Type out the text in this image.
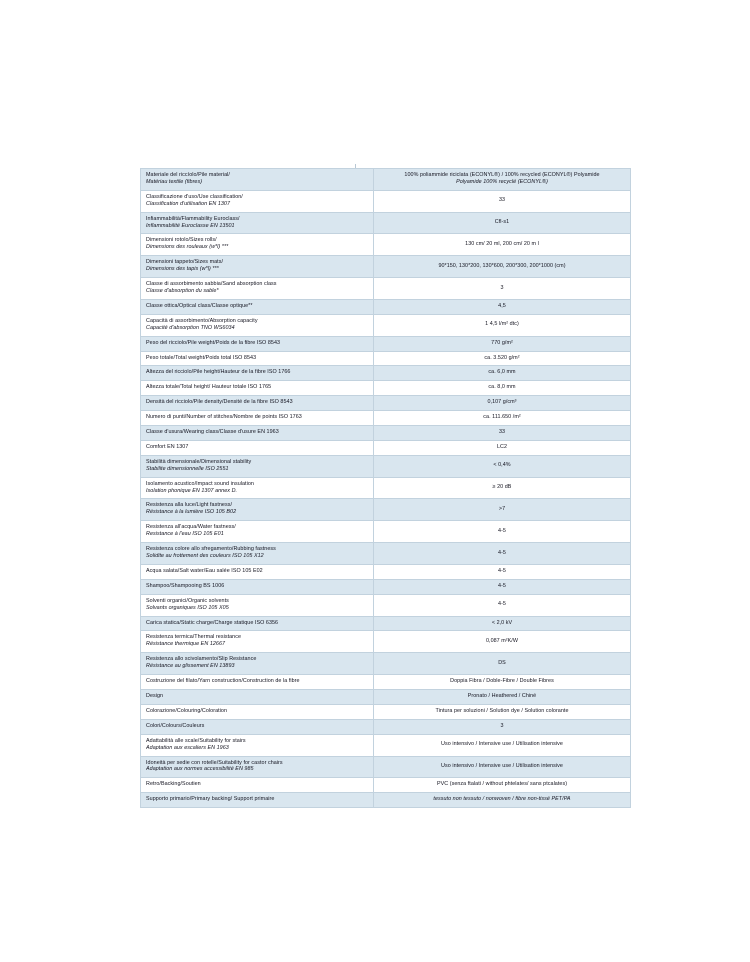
Materiale del riccíolo/Pile material/
Matériau textile (fibres)	100% poliammide riciclata (ECONYL®) / 100% recycled (ECONYL®) Polyamide
Polyamide 100% recyclé (ECONYL®)

Classificazione d'uso/Use classification/
Classification d'utilisation EN 1307	33

Infiammabilità/Flammability Euroclass/
Inflammabilité Euroclasse EN 13501	Cfl-s1

Dimensioni rotolo/Sizes rolls/
Dimensions des rouleaux (w*l) ***	130 cm/ 20 ml, 200 cm/ 20 m l

Dimensioni tappeto/Sizes mats/
Dimensions des tapis (w*l) ***	90*150, 130*200, 130*600, 200*300, 200*1000 (cm)

Classe di assorbimento sabbia/Sand absorption class
Classe d'absorption du sable*	3

Classe ottica/Optical class/Classe optique**	4,5

Capacità di assorbimento/Absorption capacity
Capacité d'absorption TNO WS6034	1 4,5 l/m² dtc)

Peso del ricciolo/Pile weight/Poids de la fibre ISO 8543	770 g/m²

Peso totale/Total weight/Poids total ISO 8543	ca. 3.520 g/m²

Altezza del ricciolo/Pile height/Hauteur de la fibre ISO 1766	ca. 6,0 mm

Altezza totale/Total height/ Hauteur totale ISO 1765	ca. 8,0 mm

Densità del ricciolo/Pile density/Densité de la fibre ISO 8543	0,107 g/cm³

Numero di punti/Number of stitches/Nombre de points ISO 1763	ca. 111.650 /m²

Classe d'usura/Wearing class/Classe d'usure EN 1963	33

Comfort EN 1307	LC2

Stabilità dimensionale/Dimensional stability
Stabilite dimensionnelle ISO 2551	< 0,4%

Isolamento acustico/Impact sound insulation
Isolation phonique EN 1307 annex D.	≥ 20 dB

Resistenza alla luce/Light fastness/
Résistance à la lumière ISO 105 B02	>7

Resistenza all'acqua/Water fastness/
Resistance à l'eau ISO 105 E01	4-5

Resistenza colore allo sfregamento/Rubbing fastness
Solidite au frottement des couleurs ISO 105 X12	4-5

Acqua salata/Salt water/Eau salée ISO 105 E02	4-5

Shampoo/Shampooing BS 1006	4-5

Solventi organici/Organic solvents
Solvants organiques ISO 105 X05	4-5

Carica statica/Static charge/Charge statique ISO 6356	< 2,0 kV

Resistenza termica/Thermal resistance
Résistance thermique EN 12667	0,087 m²K/W

Resistenza allo scivolamento/Slip Resistance
Résistance au glissement EN 13893	DS

Costruzione del filato/Yarn construction/Construction de la fibre	Doppia Fibra / Doble-Fibre / Double Fibres

Design	Pronato / Heathered / Chiné

Colorazione/Colouring/Coloration	Tintura per soluzioni / Solution dye / Solution colorante

Colori/Colours/Couleurs	3

Adattabilità alle scale/Suitability for stairs
Adaptation aux escaliers EN 1963	Uso intensivo / Intensive use / Utilisation intensive

Idoneità per sedie con rotelle/Suitability for castor chairs
Adaptation aux normes accessibilité EN 985	Uso intensivo / Intensive use / Utilisation intensive

Retro/Backing/Soutien	PVC (senza ftalati / without phtelates/ sans ptcalates)

Supporto primario/Primary backing/ Support primaire	tessuto non tessuto / nonwoven / fibre non-tissé PET/PA
